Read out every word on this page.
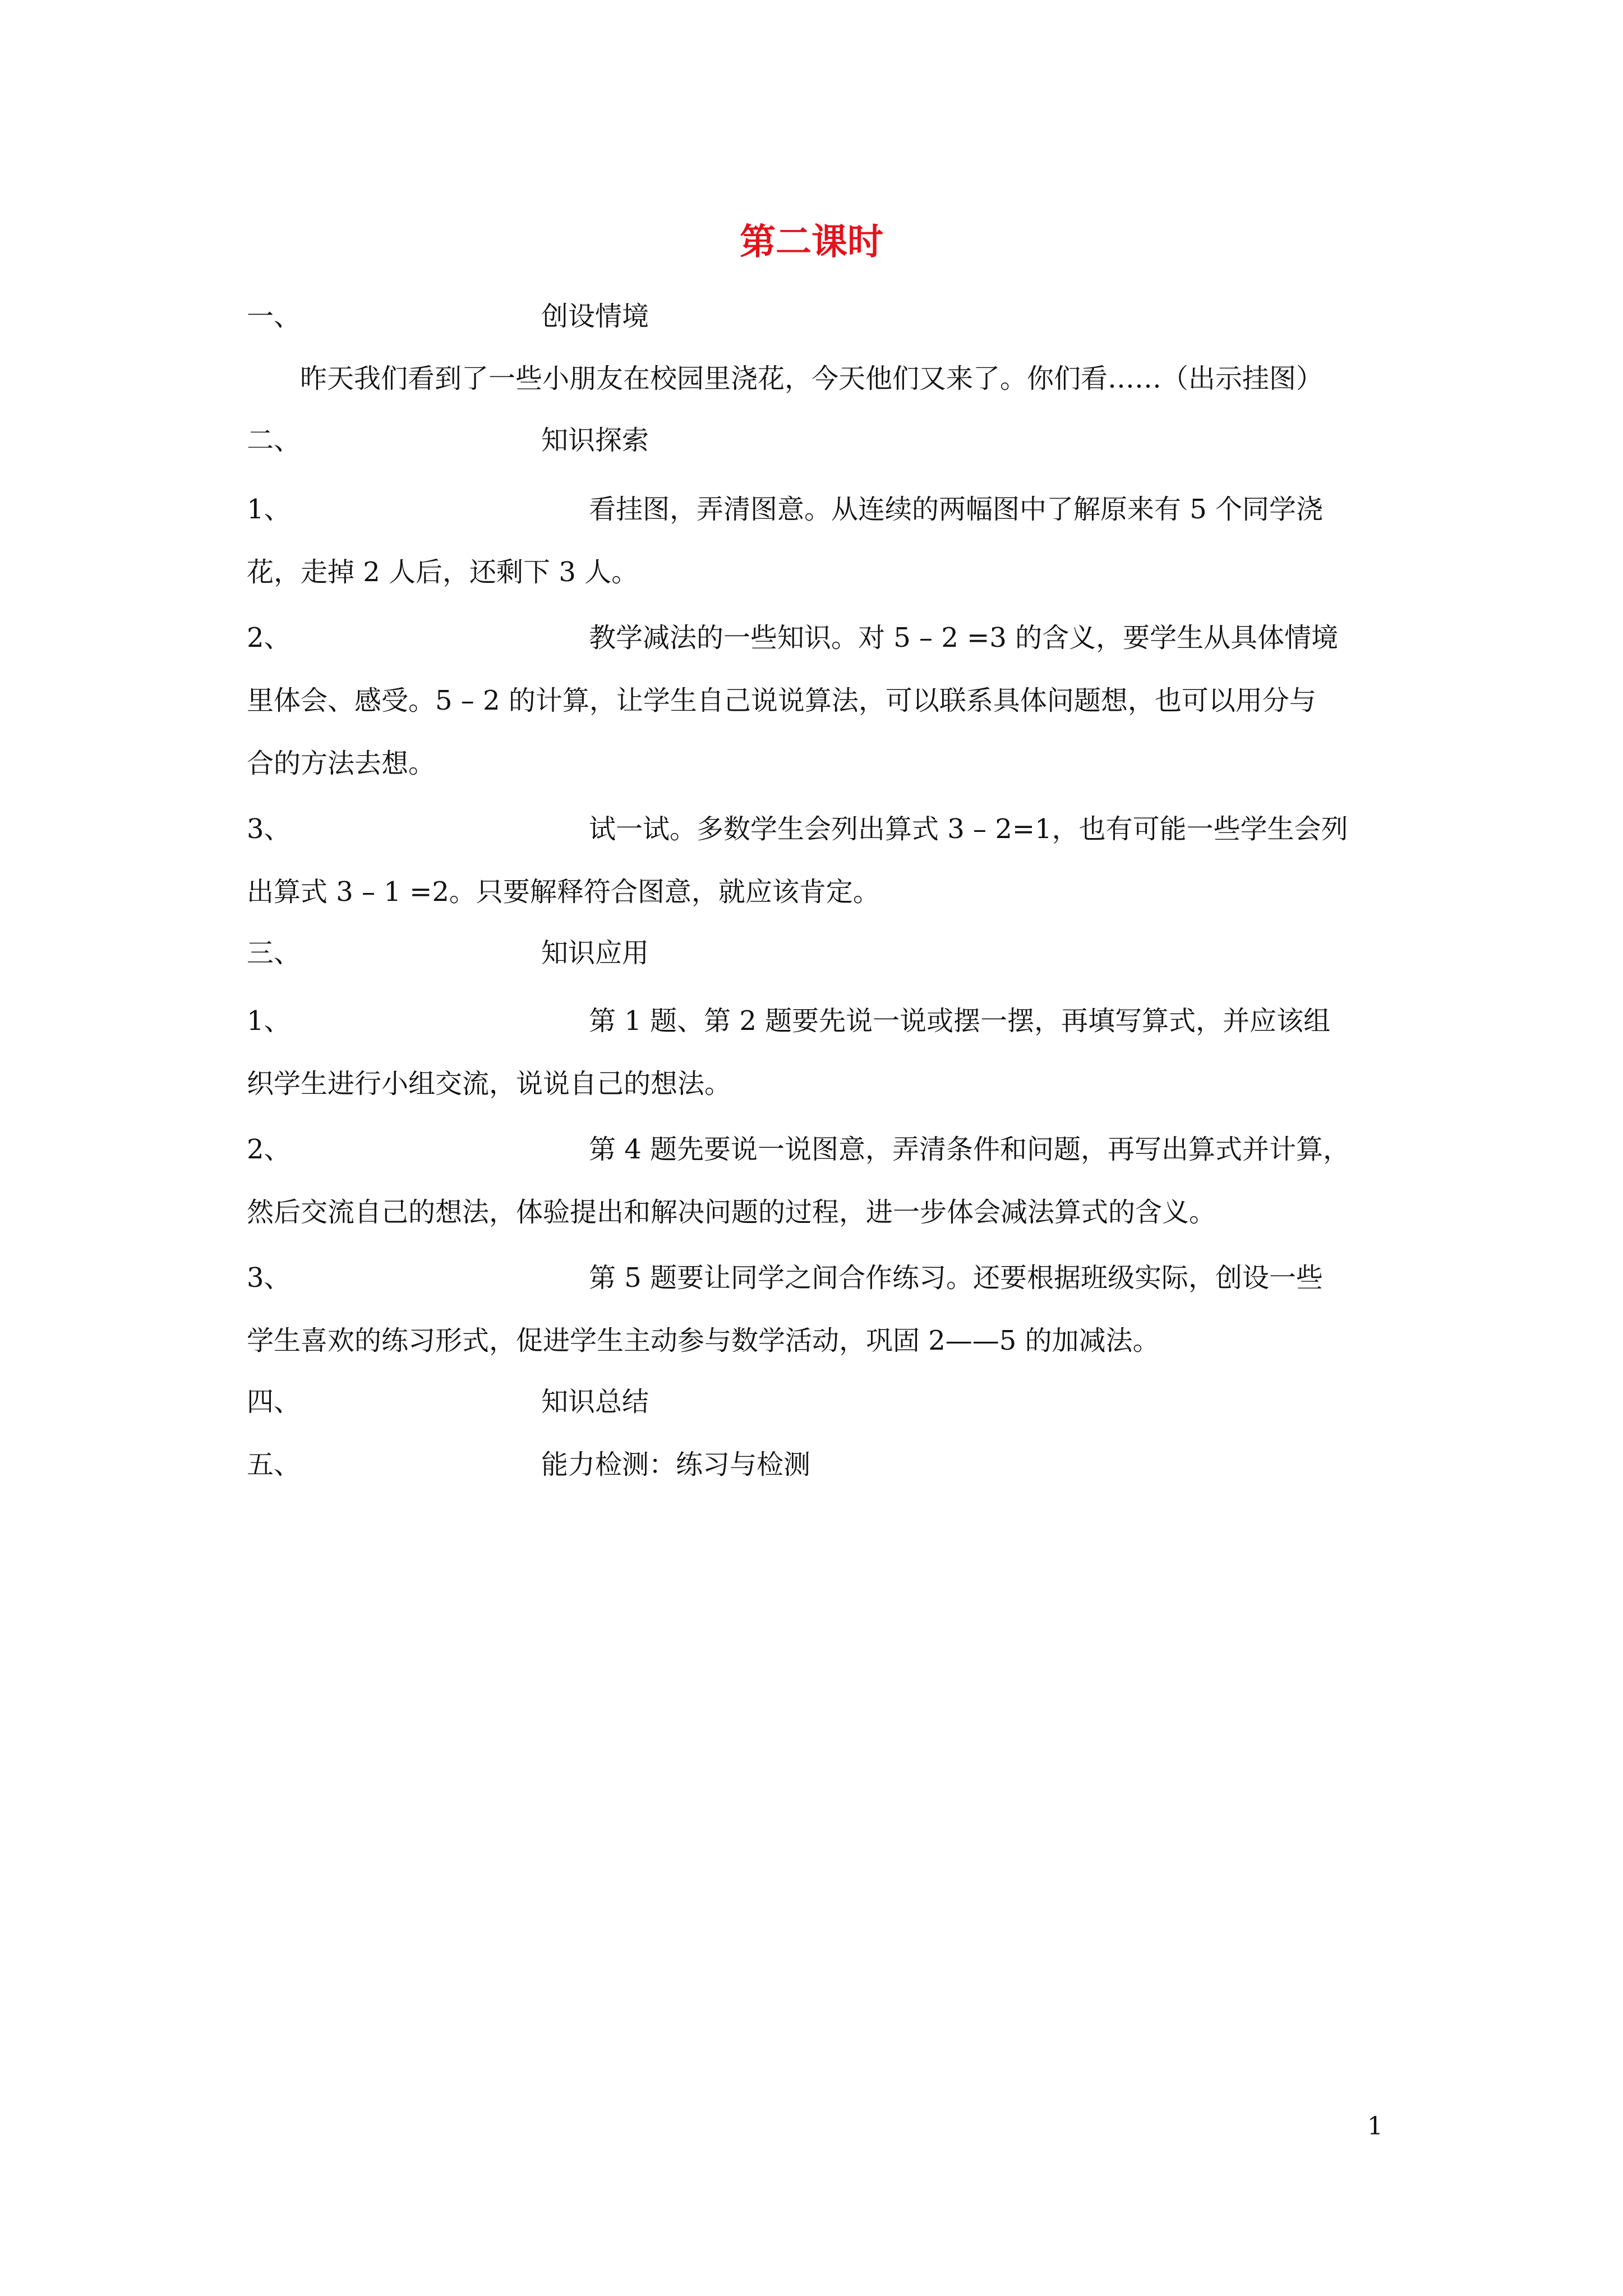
第二课时
一、	创设情境
昨天我们看到了一些小朋友在校园里浇花，今天他们又来了。你们看……（出示挂图）
二、	知识探索
1、	看挂图，弄清图意。从连续的两幅图中了解原来有 5 个同学浇
花，走掉 2 人后，还剩下 3 人。
2、	教学减法的一些知识。对 5 – 2 =3 的含义，要学生从具体情境
里体会、感受。5 – 2 的计算，让学生自己说说算法，可以联系具体问题想，也可以用分与
合的方法去想。
3、	试一试。多数学生会列出算式 3 – 2=1，也有可能一些学生会列
出算式 3 – 1 =2。只要解释符合图意，就应该肯定。
三、	知识应用
1、	第 1 题、第 2 题要先说一说或摆一摆，再填写算式，并应该组
织学生进行小组交流，说说自己的想法。
2、	第 4 题先要说一说图意，弄清条件和问题，再写出算式并计算，
然后交流自己的想法，体验提出和解决问题的过程，进一步体会减法算式的含义。
3、	第 5 题要让同学之间合作练习。还要根据班级实际，创设一些
学生喜欢的练习形式，促进学生主动参与数学活动，巩固 2——5 的加减法。
四、	知识总结
五、	能力检测：练习与检测
1
